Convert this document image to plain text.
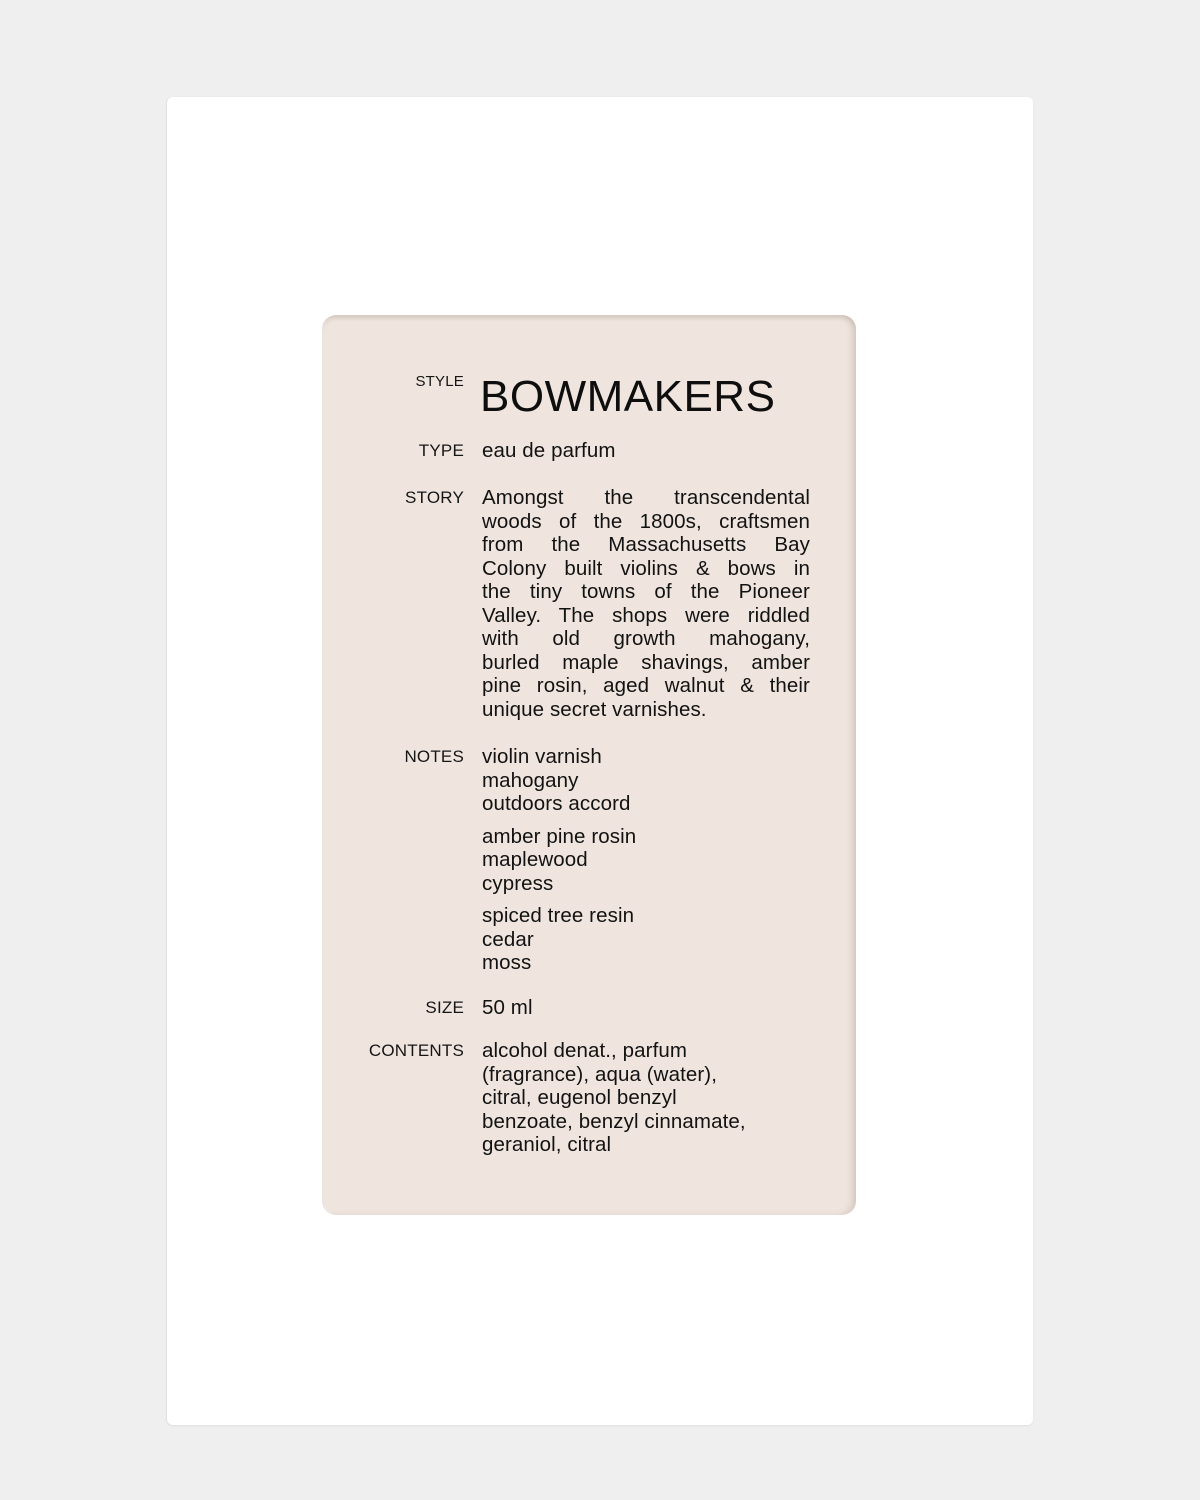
STYLE BOWMAKERS
TYPE eau de parfum
STORY Amongst the transcendental
woods of the 1800s, craftsmen
from the Massachusetts Bay
Colony built violins & bows in
the tiny towns of the Pioneer
Valley. The shops were riddled
with old growth mahogany,
burled maple shavings, amber
pine rosin, aged walnut & their
unique secret varnishes.
NOTES violin varnish
mahogany
outdoors accord
amber pine rosin
maplewood
cypress
spiced tree resin
cedar
moss
SIZE 50 ml
CONTENTS alcohol denat., parfum
(fragrance), aqua (water),
citral, eugenol benzyl
benzoate, benzyl cinnamate,
geraniol, citral
